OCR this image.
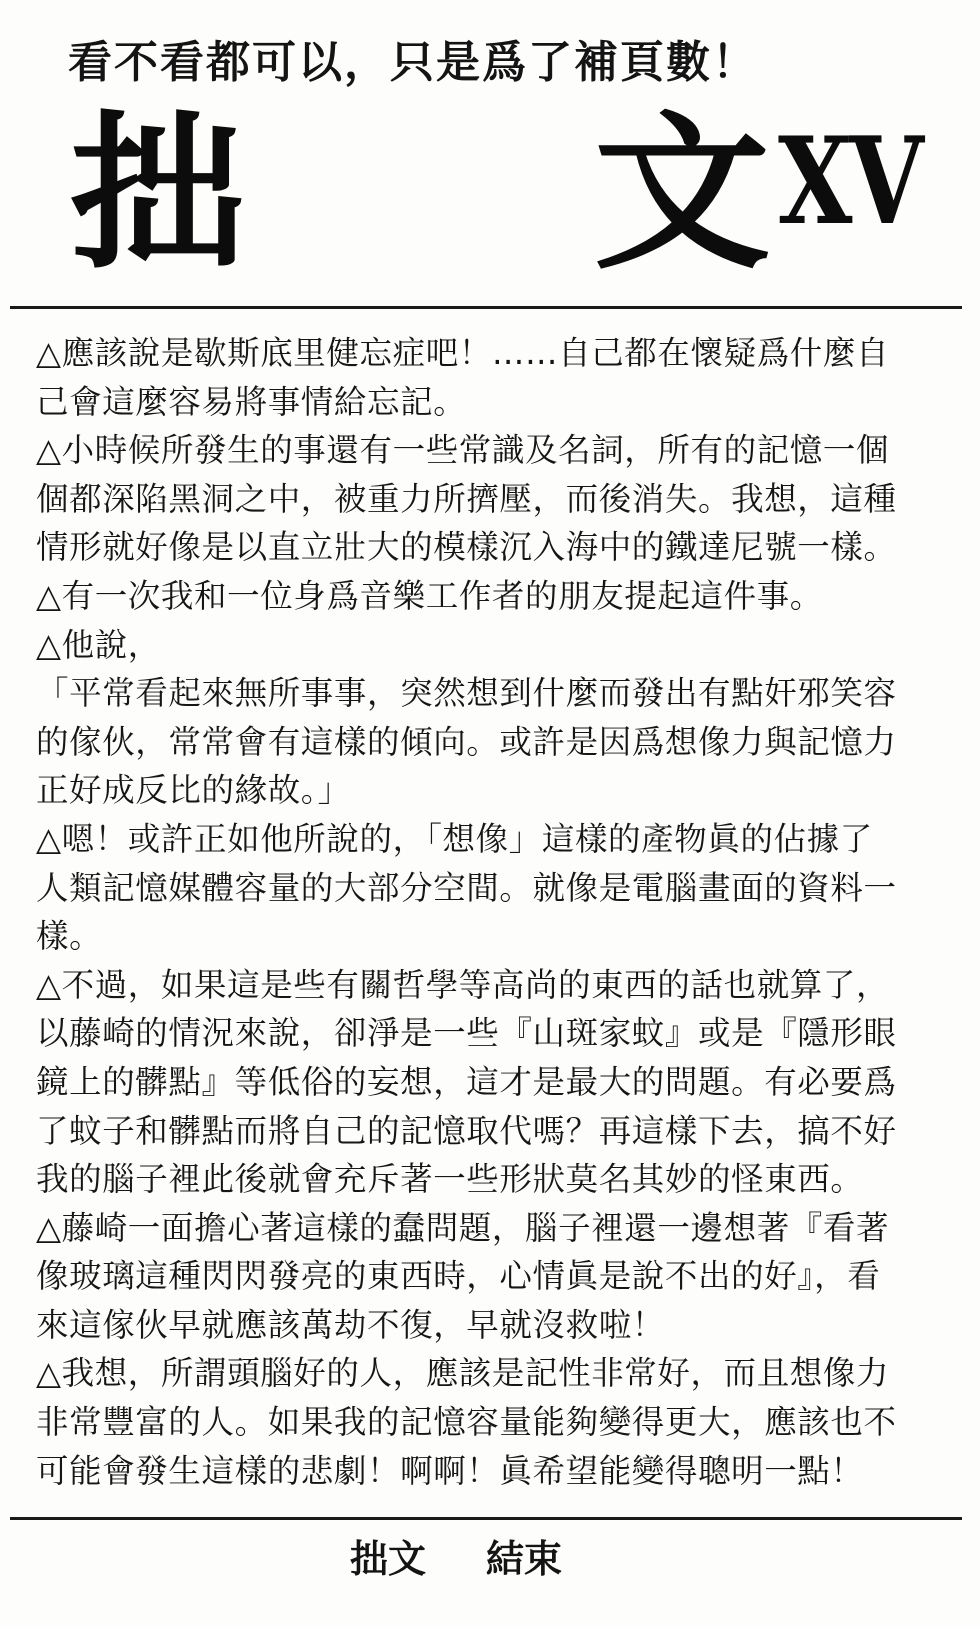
看不看都可以，只是爲了補頁數！
拙 文 XV
△應該說是歇斯底里健忘症吧！……自己都在懷疑爲什麼自
己會這麼容易將事情給忘記。
△小時候所發生的事還有一些常識及名詞，所有的記憶一個
個都深陷黑洞之中，被重力所擠壓，而後消失。我想，這種
情形就好像是以直立壯大的模樣沉入海中的鐵達尼號一樣。
△有一次我和一位身爲音樂工作者的朋友提起這件事。
△他說，
「平常看起來無所事事，突然想到什麼而發出有點奸邪笑容
的傢伙，常常會有這樣的傾向。或許是因爲想像力與記憶力
正好成反比的緣故。」
△嗯！或許正如他所說的，「想像」這樣的產物眞的佔據了
人類記憶媒體容量的大部分空間。就像是電腦畫面的資料一
樣。
△不過，如果這是些有關哲學等高尚的東西的話也就算了，
以藤崎的情況來說，卻淨是一些『山斑家蚊』或是『隱形眼
鏡上的髒點』等低俗的妄想，這才是最大的問題。有必要爲
了蚊子和髒點而將自己的記憶取代嗎？再這樣下去，搞不好
我的腦子裡此後就會充斥著一些形狀莫名其妙的怪東西。
△藤崎一面擔心著這樣的蠢問題，腦子裡還一邊想著『看著
像玻璃這種閃閃發亮的東西時，心情眞是說不出的好』，看
來這傢伙早就應該萬劫不復，早就沒救啦！
△我想，所謂頭腦好的人，應該是記性非常好，而且想像力
非常豐富的人。如果我的記憶容量能夠變得更大，應該也不
可能會發生這樣的悲劇！啊啊！眞希望能變得聰明一點！
拙文 結束
